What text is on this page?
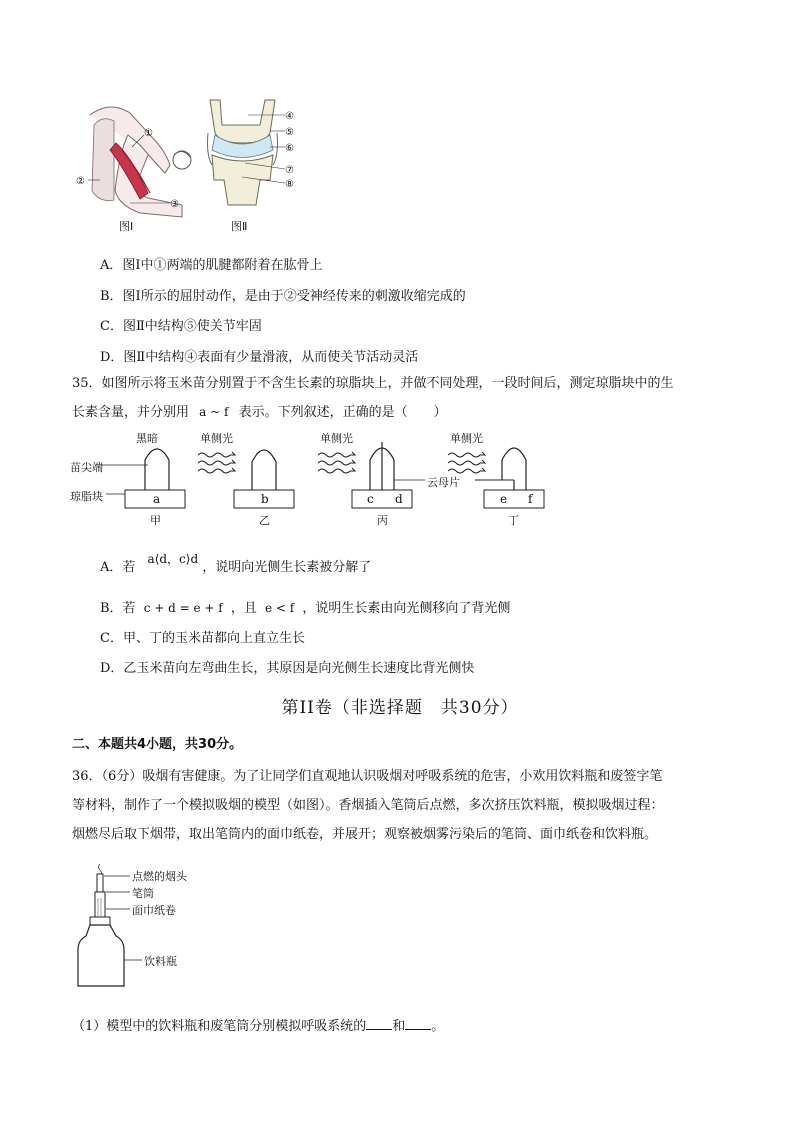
①
②
③
④
⑤
⑥
⑦
⑧
图Ⅰ	图Ⅱ
A．图Ⅰ中①两端的肌腱都附着在肱骨上
B．图Ⅰ所示的屈肘动作，是由于②受神经传来的刺激收缩完成的
C．图Ⅱ中结构⑤使关节牢固
D．图Ⅱ中结构④表面有少量滑液，从而使关节活动灵活
35．如图所示将玉米苗分别置于不含生长素的琼脂块上，并做不同处理，一段时间后，测定琼脂块中的生
长素含量，并分别用 a ~ f 表示。下列叙述，正确的是（　　）
黑暗	单侧光	单侧光	单侧光
苗尖端
琼脂块
云母片
a	b	c d	e f
甲	乙	丙	丁
A．若 a⟨d，c⟩d ，说明向光侧生长素被分解了
B．若 c + d = e + f ，且 e < f ，说明生长素由向光侧移向了背光侧
C．甲、丁的玉米苗都向上直立生长
D．乙玉米苗向左弯曲生长，其原因是向光侧生长速度比背光侧快
第II卷（非选择题　共30分）
二、本题共4小题，共30分。
36．（6分）吸烟有害健康。为了让同学们直观地认识吸烟对呼吸系统的危害，小欢用饮料瓶和废签字笔
等材料，制作了一个模拟吸烟的模型（如图）。香烟插入笔筒后点燃，多次挤压饮料瓶，模拟吸烟过程：
烟燃尽后取下烟带，取出笔筒内的面巾纸卷，并展开；观察被烟雾污染后的笔筒、面巾纸卷和饮料瓶。
点燃的烟头
笔筒
面巾纸卷
饮料瓶
（1）模型中的饮料瓶和废笔筒分别模拟呼吸系统的 和 。
